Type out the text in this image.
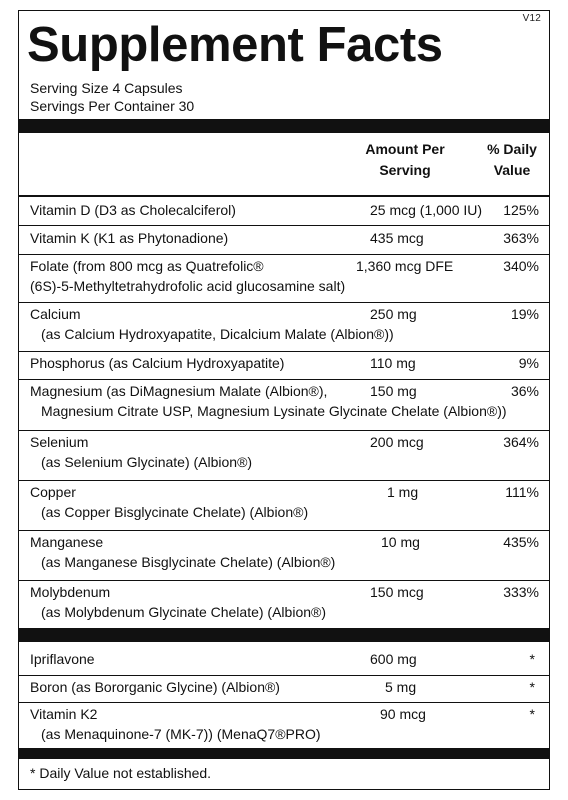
V12
Supplement Facts
Serving Size 4 Capsules
Servings Per Container 30
Amount Per
Serving
% Daily
Value
Vitamin D (D3 as Cholecalciferol)	25 mcg (1,000 IU) 125%
Vitamin K (K1 as Phytonadione)	435 mcg	363%
Folate (from 800 mcg as Quatrefolic®
(6S)-5-Methyltetrahydrofolic acid glucosamine salt)
1,360 mcg DFE	340%
Calcium
(as Calcium Hydroxyapatite, Dicalcium Malate (Albion®))
250 mg	19%
Phosphorus (as Calcium Hydroxyapatite)	110 mg	9%
Magnesium (as DiMagnesium Malate (Albion®),
Magnesium Citrate USP, Magnesium Lysinate Glycinate Chelate (Albion®))
150 mg	36%
Selenium
(as Selenium Glycinate) (Albion®)
200 mcg	364%
Copper
(as Copper Bisglycinate Chelate) (Albion®)
1 mg	111%
Manganese
(as Manganese Bisglycinate Chelate) (Albion®)
10 mg	435%
Molybdenum
(as Molybdenum Glycinate Chelate) (Albion®)
150 mcg	333%
Ipriflavone	600 mg	*
Boron (as Bororganic Glycine) (Albion®)	5 mg	*
Vitamin K2
(as Menaquinone-7 (MK-7)) (MenaQ7®PRO)
90 mcg	*
* Daily Value not established.
